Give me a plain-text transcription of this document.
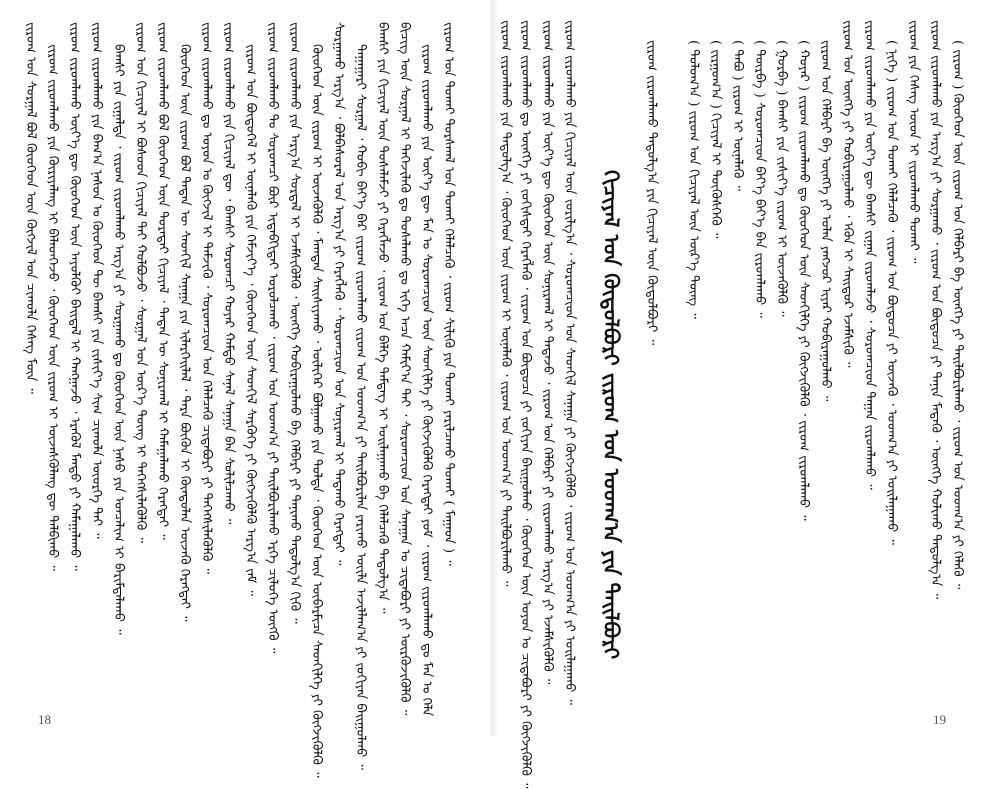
ᠵᠢᠷᠤᠭ ᠤᠨ ᠲᠤᠬᠠᠢ ᠳᠤᠷᠰᠬᠠᠯ ᠤᠨ ᠲᠤᠬᠠᠢ ᠬᠡᠯᠡᠯᠴᠡᠬᠦ ᠂ ᠵᠢᠷᠤᠭ ᠰᠢᠯᠢᠬᠦ ᠶᠢᠨ ᠲᠤᠬᠠᠢ ᠶᠠᠷᠢᠯᠴᠠᠬᠤ ᠲᠤᠬᠠᠢ ( ᠮᠠᠭᠠᠳ ) ᠃
ᠵᠢᠷᠤᠭ ᠵᠢᠷᠤᠭᠯᠠᠬᠤ ᠶᠢᠨ ᠦᠶ᠎ᠡ ᠳᠦ ᠮᠠᠨ ᠤ ᠰᠤᠷᠤᠭᠴᠢᠳ ᠦᠨ ᠰᠡᠳᠬᠢᠯᠭᠡ ᠶᠢ ᠬᠥᠭᠵᠢᠭᠦᠯᠬᠦ ᠬᠡᠷᠡᠭᠲᠡᠢ ᠶᠤᠮ ᠂ ᠵᠢᠷᠤᠭ ᠵᠢᠷᠤᠭᠯᠠᠬᠤ ᠳᠤ ᠮᠠᠨ ᠤ ᠬᠡᠯᠡ
ᠪᠢᠴᠢᠭ ᠦᠨ ᠰᠤᠷᠭᠠᠯ ᠢ ᠳᠡᠭᠡᠵᠢᠯᠡᠬᠦ ᠳᠤ ᠲᠤᠰᠠᠯᠠᠬᠤ ᠳᠤ ᠢᠬᠡ ᠠᠴᠠ ᠬᠠᠮᠢᠶ᠎ᠠ ᠲᠠᠢ ᠂ ᠰᠤᠷᠤᠭᠴᠢᠳ ᠤᠨ ᠰᠠᠨᠠᠭᠠᠨ ᠤ ᠴᠢᠳᠠᠪᠤᠷᠢ ᠶᠢ ᠦᠷᠬᠦᠵᠢᠭᠦᠯᠬᠦ ᠃
ᠪᠠᠭᠰᠢ ᠶᠢᠨ ᠬᠢᠴᠢᠶᠡᠯ ᠦᠨ ᠲᠤᠰᠠᠯᠠᠮᠵᠢ ᠶᠢ ᠬᠡᠷᠡᠭᠯᠡᠵᠦ ᠂ ᠵᠢᠷᠤᠭ ᠤᠨ ᠪᠡᠯᠭᠡ ᠳᠡᠮᠳᠡᠭ ᠢ ᠣᠢᠯᠠᠭᠠᠬᠤ ᠪᠠ ᠬᠡᠯᠡᠯᠴᠡᠬᠦ ᠳᠠᠳᠤᠯᠭ᠎ᠠ ᠃
ᠳᠠᠭᠠᠭᠠᠷᠢ ᠰᠤᠷᠭᠠᠯ ᠂ ᠬᠤᠪᠢ ᠪᠡᠶ᠎ᠡ ᠪᠡᠷ ᠵᠢᠷᠤᠭ ᠵᠢᠷᠤᠭᠯᠠᠬᠤ ᠵᠢᠷᠤᠭ ᠤᠨ ᠤᠳᠬ᠎ᠠ ᠶᠢ ᠲᠠᠢᠯᠪᠤᠷᠢᠯᠠᠨ ᠶᠠᠷᠢᠬᠤ ᠦᠢᠯᠡ ᠠᠵᠢᠯᠯᠠᠭ᠎ᠠ ᠶᠢ ᠵᠤᠬᠢᠶᠠᠨ ᠪᠠᠢᠭᠤᠯᠬᠤ ᠃
ᠰᠤᠷᠭᠠᠬᠤ ᠠᠷᠭ᠎ᠠ ᠂ ᠪᠤᠯᠪᠠᠰᠤᠷᠠᠯ ᠤᠨ ᠠᠷᠭ᠎ᠠ ᠶᠢ ᠬᠡᠷᠡᠭᠯᠡᠬᠦ ᠂ ᠰᠤᠷᠤᠭᠴᠢᠳ ᠤᠨ ᠰᠤᠨᠢᠷᠬᠠᠯ ᠢ ᠲᠠᠲᠠᠬᠤ ᠬᠡᠷᠡᠭᠲᠡᠢ ᠃
ᠬᠦᠦᠬᠡᠳ ᠦᠨ ᠵᠢᠷᠤᠭ ᠢ ᠦᠵᠡᠭᠦᠯᠬᠦ ᠂ ᠮᠠᠭᠲᠠᠨ ᠰᠠᠢᠰᠢᠶᠠᠬᠤ ᠂ ᠦᠯᠢᠭᠡᠷ ᠪᠣᠯᠭᠠᠬᠤ ᠶᠢᠨ ᠳᠤᠯᠳᠠ ᠂ ᠬᠦᠦᠬᠡᠳ ᠦᠨ ᠥᠪᠡᠷᠮᠢᠴᠡ ᠰᠡᠳᠬᠢᠯᠭᠡ ᠶᠢ ᠬᠥᠭᠵᠢᠭᠦᠯᠬᠦ ᠃
ᠵᠢᠷᠤᠭ ᠵᠢᠷᠤᠭᠯᠠᠬᠤ ᠶᠢᠨ ᠠᠷᠭ᠎ᠠ ᠰᠤᠷᠲᠠᠯ ᠢ ᠡᠵᠡᠮᠰᠢᠭᠦᠯᠬᠦ ᠂ ᠦᠩᠭᠡ ᠬᠤᠪᠢᠷᠠᠭᠤᠯᠬᠤ ᠪᠠ ᠬᠡᠯᠪᠡᠷᠢ ᠶᠢ ᠲᠠᠨᠢᠬᠤ ᠳᠠᠳᠤᠯᠭ᠎ᠠ ᠬᠢᠬᠦ ᠃
ᠵᠢᠷᠤᠭ ᠵᠢᠷᠤᠭᠯᠠᠬᠤ ᠲᠤ ᠰᠤᠷᠤᠭᠴᠢ ᠪᠦᠷ ᠢᠳᠡᠪᠬᠢᠲᠡᠢ ᠣᠷᠤᠯᠴᠠᠬᠤ ᠂ ᠵᠢᠷᠤᠭ ᠤᠨ ᠤᠳᠬ᠎ᠠ ᠶᠢ ᠲᠠᠢᠯᠪᠤᠷᠢᠯᠠᠬᠤ ᠡᠷᠬᠡ ᠴᠢᠯᠥᠭᠡ ᠥᠭᠬᠦ ᠃
ᠵᠢᠷᠤᠭ ᠤᠨ ᠪᠦᠲᠦᠭᠡᠯ ᠢ ᠦᠨᠡᠯᠡᠬᠦ ᠶᠢᠨ ᠬᠡᠮᠵᠢᠶ᠎ᠡ ᠂ ᠬᠦᠦᠬᠡᠳ ᠦᠨ ᠰᠡᠳᠬᠢᠯ ᠰᠡᠷᠭᠦᠭᠡ ᠶᠢ ᠬᠥᠭᠵᠢᠭᠦᠯᠬᠦ ᠠᠷᠭ᠎ᠠ ᠵᠠᠮ ᠃
ᠵᠢᠷᠤᠭ ᠵᠢᠷᠤᠭᠯᠠᠬᠤ ᠶᠢᠨ ᠬᠢᠴᠢᠶᠡᠯ ᠳᠦ ᠂ ᠪᠠᠭᠰᠢ ᠰᠤᠷᠤᠭᠴᠢ ᠬᠣᠶᠠᠷ ᠬᠠᠮᠲᠤ ᠰᠠᠨᠠᠯ ᠰᠠᠨᠠᠭᠠ ᠪᠠᠨ ᠰᠣᠯᠢᠯᠴᠠᠬᠤ ᠃
ᠵᠢᠷᠤᠭ ᠵᠢᠷᠤᠭᠯᠠᠬᠤ ᠳᠤ ᠣᠶᠤᠨ ᠤ ᠬᠥᠭᠵᠢᠯ ᠢ ᠳᠡᠮᠵᠢᠬᠦ ᠂ ᠰᠤᠷᠤᠭᠴᠢᠳ ᠤᠨ ᠬᠡᠯᠡᠯᠴᠡᠬᠦ ᠴᠢᠳᠠᠪᠤᠷᠢ ᠶᠢ ᠳᠡᠭᠡᠭᠰᠢᠯᠡᠭᠦᠯᠬᠦ ᠃
ᠬᠦᠦᠬᠡᠳ ᠦᠨ ᠵᠢᠷᠤᠭ ᠪᠣᠯ ᠲᠡᠳᠡᠨ ᠦ ᠰᠡᠳᠬᠢᠯ ᠰᠠᠨᠠᠭᠠ ᠶᠢᠨ ᠢᠯᠡᠷᠬᠡᠢᠯᠡᠯ ᠂ ᠲᠡᠷᠡ ᠪᠦᠬᠦᠨ ᠢ ᠬᠦᠨᠳᠦᠯᠡᠨ ᠦᠵᠡᠬᠦ ᠬᠡᠷᠡᠭᠲᠡᠢ ᠃
ᠵᠢᠷᠤᠭ ᠵᠢᠷᠤᠭᠯᠠᠬᠤ ᠪᠣᠯ ᠬᠦᠦᠬᠡᠳ ᠦᠨ ᠳᠤᠷᠠᠲᠠᠢ ᠬᠢᠴᠢᠶᠡᠯ ᠂ ᠲᠡᠳᠡᠨ ᠦ ᠰᠣᠨᠢᠷᠬᠠᠯ ᠢ ᠬᠠᠮᠠᠭᠠᠯᠠᠬᠤ ᠬᠡᠷᠡᠭᠲᠡᠢ ᠃
ᠵᠢᠷᠤᠭ ᠤᠨ ᠬᠢᠴᠢᠶᠡᠯ ᠢ ᠪᠤᠰᠤᠳ ᠬᠢᠴᠢᠶᠡᠯ ᠲᠡᠢ ᠬᠣᠯᠪᠣᠵᠤ ᠂ ᠰᠤᠷᠭᠠᠯ ᠤᠨ ᠦᠷ᠎ᠡ ᠳᠦᠩ ᠢ ᠳᠡᠭᠡᠭᠰᠢᠯᠡᠭᠦᠯᠬᠦ ᠃
ᠪᠠᠭᠰᠢ ᠶᠢᠨ ᠵᠢᠭᠠᠯᠲᠠ ᠂ ᠵᠢᠷᠤᠭ ᠵᠢᠷᠤᠭᠯᠠᠬᠤ ᠠᠷᠭ᠎ᠠ ᠶᠢ ᠰᠤᠷᠭᠠᠬᠤ ᠳᠤ ᠬᠦᠦᠬᠡᠳ ᠦᠨ ᠨᠠᠰᠤ ᠶᠢᠨ ᠣᠨᠴᠠᠯᠢᠭ ᠢ ᠪᠠᠷᠢᠮᠲᠠᠯᠠᠬᠤ ᠃
ᠵᠢᠷᠤᠭ ᠵᠢᠷᠤᠭᠯᠠᠬᠤ ᠶᠢᠨ ᠪᠠᠭ᠎ᠠ ᠨᠠᠰᠤᠨ ᠤ ᠬᠦᠦᠬᠡᠳ ᠲᠦ ᠪᠠᠭᠰᠢ ᠶᠢᠨ ᠵᠢᠱᠢᠶ᠎ᠡ ᠰᠢᠭ᠋ ᠴᠢᠬᠤᠯᠠ ᠦᠦᠷᠭᠡ ᠲᠡᠢ ᠃
ᠵᠢᠷᠤᠭ ᠵᠢᠷᠤᠭᠯᠠᠬᠤ ᠦᠶ᠎ᠡ ᠳᠦ ᠬᠦᠦᠬᠡᠳ ᠦᠨ ᠠᠶᠤᠯᠭᠦᠢ ᠪᠠᠢᠳᠠᠯ ᠢ ᠬᠠᠩᠭᠠᠵᠤ ᠂ ᠡᠷᠡᠭᠦᠯ ᠮᠡᠨᠳᠦ ᠶᠢ ᠬᠠᠮᠠᠭᠠᠯᠠᠬᠤ ᠃
ᠵᠢᠷᠤᠭ ᠵᠢᠷᠤᠭᠯᠠᠬᠤ ᠶᠢᠨ ᠬᠦᠷᠢᠶᠡᠯᠡᠩ ᠢ ᠪᠡᠯᠡᠳᠬᠡᠵᠦ ᠂ ᠬᠦᠦᠬᠡᠳ ᠦᠨ ᠵᠢᠷᠤᠭ ᠢ ᠦᠵᠡᠰᠬᠦᠯᠡᠩ ᠳᠦ ᠲᠠᠯᠪᠢᠬᠤ ᠃
ᠵᠢᠷᠤᠭ ᠤᠨ ᠰᠤᠷᠭᠠᠯ ᠪᠣᠯ ᠬᠦᠦᠬᠡᠳ ᠦᠨ ᠬᠥᠭᠵᠢᠯ ᠤᠨ ᠴᠢᠬᠤᠯᠠ ᠬᠡᠰᠡᠭ ᠮᠥᠨ ᠃
18
( ᠵᠢᠷᠤᠭ ) ᠬᠦᠦᠬᠡᠳ ᠦᠨ ᠵᠢᠷᠤᠭ ᠤᠨ ᠬᠡᠯᠪᠡᠷᠢ ᠪᠠ ᠦᠩᠭᠡ ᠶᠢ ᠲᠠᠢᠯᠪᠤᠷᠢᠯᠠᠬᠤ ᠂ ᠵᠢᠷᠤᠭ ᠤᠨ ᠤᠳᠬ᠎ᠠ ᠶᠢ ᠬᠡᠯᠡᠬᠦ ᠃
ᠵᠢᠷᠤᠭ ᠵᠢᠷᠤᠭᠯᠠᠬᠤ ᠶᠢᠨ ᠠᠷᠭ᠎ᠠ ᠶᠢ ᠰᠤᠷᠭᠠᠬᠤ ᠂ ᠵᠢᠷᠤᠭ ᠤᠨ ᠪᠦᠲᠦᠴᠡ ᠶᠢ ᠲᠠᠨᠢᠨ ᠮᠡᠳᠡᠬᠦ ᠂ ᠦᠩᠭᠡ ᠬᠣᠯᠢᠬᠤ ᠳᠠᠳᠤᠯᠭ᠎ᠠ ᠃
ᠵᠢᠷᠤᠭ ᠶᠢᠨ ᠬᠡᠰᠡᠭ ᠦᠳ ᠢ ᠵᠢᠷᠤᠭᠯᠠᠬᠤ ᠲᠤᠬᠠᠢ ᠃
( ᠨᠢᠭᠡ ) ᠵᠢᠷᠤᠭ ᠤᠨ ᠲᠤᠬᠠᠢ ᠬᠡᠯᠡᠯᠴᠡᠬᠦ ᠂ ᠵᠢᠷᠤᠭ ᠤᠨ ᠪᠦᠲᠦᠴᠡ ᠶᠢ ᠦᠵᠡᠬᠦ ᠂ ᠤᠳᠬ᠎ᠠ ᠶᠢ ᠣᠢᠯᠠᠭᠠᠬᠤ ᠃
ᠵᠢᠷᠤᠭ ᠵᠢᠷᠤᠭᠯᠠᠬᠤ ᠶᠢᠨ ᠦᠶ᠎ᠡ ᠳᠦ ᠪᠠᠭᠰᠢ ᠵᠢᠭᠠᠨ ᠵᠢᠷᠤᠭᠯᠠᠵᠤ ᠂ ᠰᠤᠷᠤᠭᠴᠢᠳ ᠳᠠᠭᠠᠨ ᠵᠢᠷᠤᠭᠯᠠᠬᠤ ᠃
ᠵᠢᠷᠤᠭ ᠤᠨ ᠦᠩᠭᠡ ᠶᠢ ᠬᠤᠪᠢᠷᠠᠭᠤᠯᠬᠤ ᠂ ᠡᠭᠦᠨ ᠢ ᠰᠠᠢᠲᠤᠷ ᠡᠵᠡᠮᠰᠢᠬᠦ ᠃
ᠵᠢᠷᠤᠭ ᠤᠨ ᠬᠡᠯᠪᠡᠷᠢ ᠪᠠ ᠦᠩᠭᠡ ᠶᠢ ᠣᠯᠠᠨ ᠶᠠᠩᠵᠤᠷ ᠢᠶᠠᠷ ᠬᠤᠪᠢᠷᠠᠭᠤᠯᠬᠤ ᠃
( ᠬᠣᠶᠠᠷ ) ᠵᠢᠷᠤᠭ ᠵᠢᠷᠤᠭᠯᠠᠬᠤ ᠳᠤ ᠬᠦᠦᠬᠡᠳ ᠦᠨ ᠰᠡᠳᠬᠢᠯᠭᠡ ᠶᠢ ᠬᠥᠭᠵᠢᠭᠦᠯᠬᠦ ᠂ ᠵᠢᠷᠤᠭ ᠵᠢᠷᠤᠭᠯᠠᠬᠤ ᠃
( ᠭᠤᠷᠪᠠ ) ᠪᠠᠭᠰᠢ ᠶᠢᠨ ᠵᠢᠱᠢᠶ᠎ᠡ ᠵᠢᠷᠤᠭ ᠢ ᠦᠵᠡᠭᠦᠯᠬᠦ ᠃
( ᠳᠥᠷᠪᠡ ) ᠰᠤᠷᠤᠭᠴᠢᠳ ᠪᠡᠶ᠎ᠡ ᠪᠡᠶ᠎ᠡ ᠪᠡᠨ ᠵᠢᠷᠤᠭᠯᠠᠬᠤ ᠃
( ᠲᠠᠪᠤ ) ᠵᠢᠷᠤᠭ ᠢ ᠦᠨᠡᠯᠡᠬᠦ ᠃
( ᠵᠢᠷᠭᠤᠭ᠎ᠠ ) ᠬᠢᠴᠢᠶᠡᠯ ᠢ ᠳᠦᠭᠦᠰᠬᠡᠬᠦ ᠃
( ᠳᠣᠯᠣᠭ᠎ᠠ ) ᠵᠢᠷᠤᠭ ᠤᠨ ᠬᠢᠴᠢᠶᠡᠯ ᠦᠨ ᠦᠷ᠎ᠡ ᠳᠦᠩ ᠃
ᠬᠢᠴᠢᠶᠡᠯ ᠤᠨ ᠬᠥᠲᠥᠯᠪᠦᠷᠢ ᠵᠢᠷᠤᠭ ᠤᠨ ᠤᠳᠬ᠎ᠠ ᠶᠢᠨ ᠲᠠᠢᠯᠪᠤᠷᠢ
ᠵᠢᠷᠤᠭ ᠵᠢᠷᠤᠭᠯᠠᠬᠤ ᠶᠢᠨ ᠬᠢᠴᠢᠶᠡᠯ ᠦᠨ ᠵᠣᠷᠢᠯᠭ᠎ᠠ ᠂ ᠰᠤᠷᠤᠭᠴᠢᠳ ᠤᠨ ᠰᠡᠳᠬᠢᠯ ᠰᠠᠨᠠᠭᠠ ᠶᠢ ᠬᠥᠭᠵᠢᠭᠦᠯᠬᠦ ᠂ ᠵᠢᠷᠤᠭ ᠤᠨ ᠤᠳᠬ᠎ᠠ ᠶᠢ ᠣᠢᠯᠠᠭᠠᠬᠤ ᠃
ᠵᠢᠷᠤᠭ ᠵᠢᠷᠤᠭᠯᠠᠬᠤ ᠶᠢᠨ ᠦᠶ᠎ᠡ ᠳᠦ ᠬᠦᠦᠬᠡᠳ ᠦᠨ ᠰᠣᠨᠢᠷᠬᠠᠯ ᠢ ᠲᠠᠲᠠᠵᠤ ᠂ ᠵᠢᠷᠤᠭ ᠤᠨ ᠬᠡᠯᠪᠡᠷᠢ ᠶᠢ ᠵᠢᠷᠤᠭᠯᠠᠬᠤ ᠠᠷᠭ᠎ᠠ ᠶᠢ ᠡᠵᠡᠮᠰᠢᠭᠦᠯᠬᠦ ᠃
ᠵᠢᠷᠤᠭ ᠵᠢᠷᠤᠭᠯᠠᠬᠤ ᠳᠤ ᠦᠩᠭᠡ ᠶᠢ ᠵᠣᠬᠢᠰᠲᠠᠢ ᠬᠡᠷᠡᠭᠯᠡᠬᠦ ᠂ ᠵᠢᠷᠤᠭ ᠤᠨ ᠪᠦᠲᠦᠴᠡ ᠶᠢ ᠵᠣᠬᠢᠶᠠᠨ ᠪᠠᠢᠭᠤᠯᠬᠤ ᠂ ᠬᠦᠦᠬᠡᠳ ᠦᠨ ᠣᠶᠤᠨ ᠤ ᠴᠢᠳᠠᠪᠤᠷᠢ ᠶᠢ ᠬᠥᠭᠵᠢᠭᠦᠯᠬᠦ ᠃
ᠵᠢᠷᠤᠭ ᠵᠢᠷᠤᠭᠯᠠᠬᠤ ᠶᠢᠨ ᠳᠠᠳᠤᠯᠭ᠎ᠠ ᠂ ᠬᠦᠦᠬᠡᠳ ᠦᠨ ᠵᠢᠷᠤᠭ ᠢ ᠦᠨᠡᠯᠡᠬᠦ ᠂ ᠵᠢᠷᠤᠭ ᠤᠨ ᠤᠳᠬ᠎ᠠ ᠶᠢ ᠲᠠᠢᠯᠪᠤᠷᠢᠯᠠᠬᠤ ᠃	ᠵᠢᠷᠤᠭ ᠵᠢᠷᠤᠭᠯᠠᠬᠤ ᠳᠠᠳᠤᠯᠭ᠎ᠠ ᠶᠢᠨ ᠬᠢᠴᠢᠶᠡᠯ ᠦᠨ ᠬᠥᠲᠥᠯᠪᠦᠷᠢ ᠃
19
